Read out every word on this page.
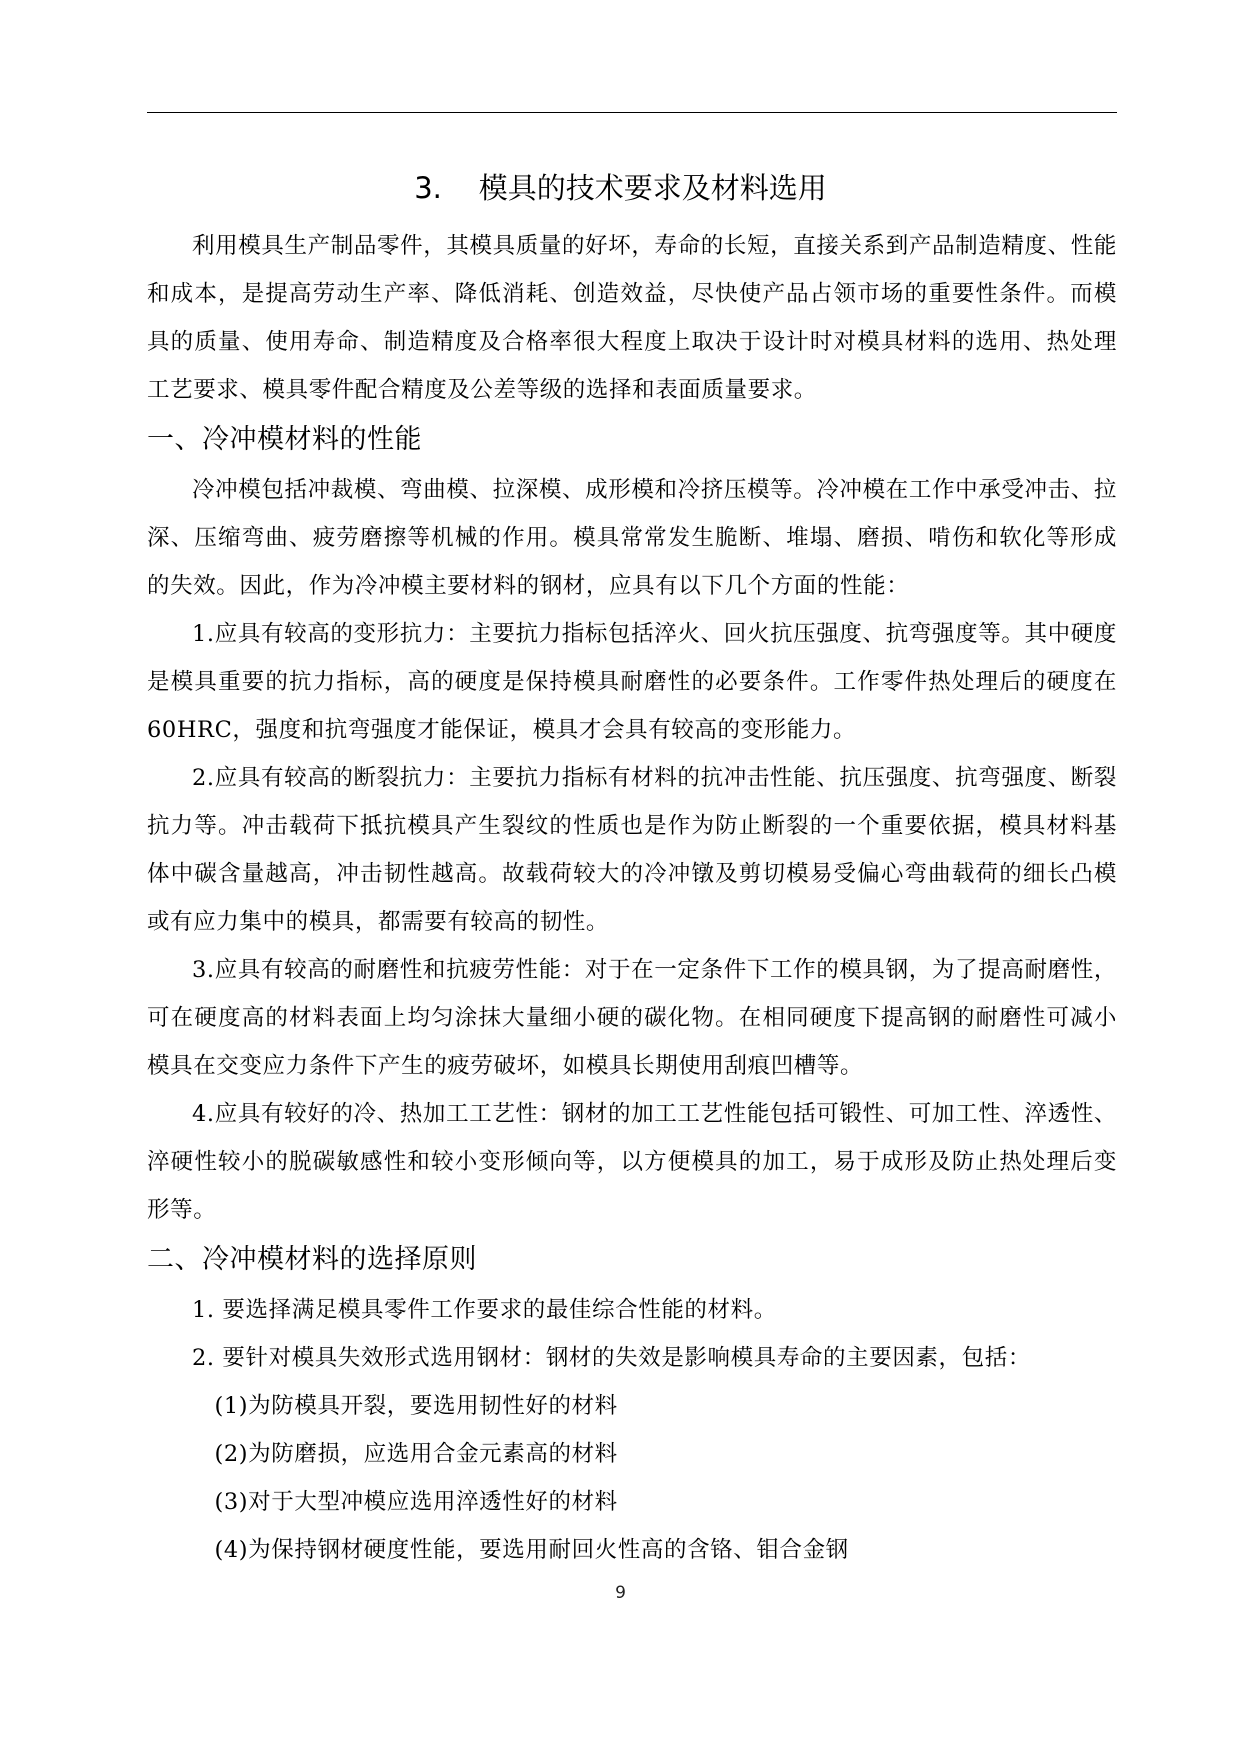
3.    模具的技术要求及材料选用

利用模具生产制品零件，其模具质量的好坏，寿命的长短，直接关系到产品制造精度、性能和成本，是提高劳动生产率、降低消耗、创造效益，尽快使产品占领市场的重要性条件。而模具的质量、使用寿命、制造精度及合格率很大程度上取决于设计时对模具材料的选用、热处理工艺要求、模具零件配合精度及公差等级的选择和表面质量要求。

一、冷冲模材料的性能

冷冲模包括冲裁模、弯曲模、拉深模、成形模和冷挤压模等。冷冲模在工作中承受冲击、拉深、压缩弯曲、疲劳磨擦等机械的作用。模具常常发生脆断、堆塌、磨损、啃伤和软化等形成的失效。因此，作为冷冲模主要材料的钢材，应具有以下几个方面的性能：

1.应具有较高的变形抗力：主要抗力指标包括淬火、回火抗压强度、抗弯强度等。其中硬度是模具重要的抗力指标，高的硬度是保持模具耐磨性的必要条件。工作零件热处理后的硬度在60HRC，强度和抗弯强度才能保证，模具才会具有较高的变形能力。

2.应具有较高的断裂抗力：主要抗力指标有材料的抗冲击性能、抗压强度、抗弯强度、断裂抗力等。冲击载荷下抵抗模具产生裂纹的性质也是作为防止断裂的一个重要依据，模具材料基体中碳含量越高，冲击韧性越高。故载荷较大的冷冲镦及剪切模易受偏心弯曲载荷的细长凸模或有应力集中的模具，都需要有较高的韧性。

3.应具有较高的耐磨性和抗疲劳性能：对于在一定条件下工作的模具钢，为了提高耐磨性，可在硬度高的材料表面上均匀涂抹大量细小硬的碳化物。在相同硬度下提高钢的耐磨性可减小模具在交变应力条件下产生的疲劳破坏，如模具长期使用刮痕凹槽等。

4.应具有较好的冷、热加工工艺性：钢材的加工工艺性能包括可锻性、可加工性、淬透性、淬硬性较小的脱碳敏感性和较小变形倾向等，以方便模具的加工，易于成形及防止热处理后变形等。

二、冷冲模材料的选择原则
1. 要选择满足模具零件工作要求的最佳综合性能的材料。
2. 要针对模具失效形式选用钢材：钢材的失效是影响模具寿命的主要因素，包括：
(1)为防模具开裂，要选用韧性好的材料
(2)为防磨损，应选用合金元素高的材料
(3)对于大型冲模应选用淬透性好的材料
(4)为保持钢材硬度性能，要选用耐回火性高的含铬、钼合金钢
9
